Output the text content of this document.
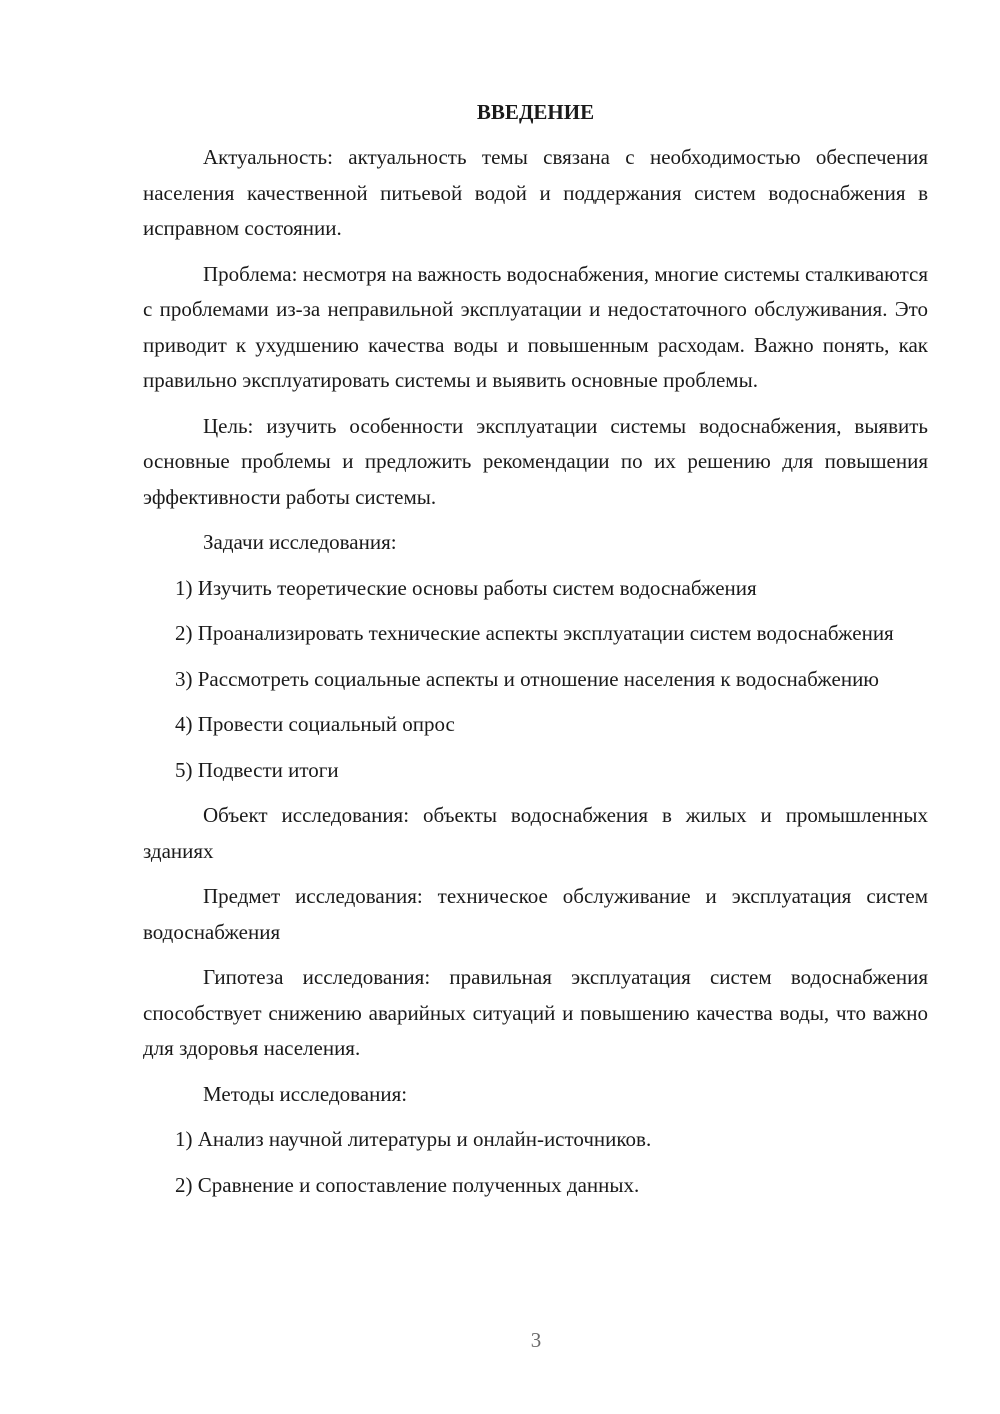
ВВЕДЕНИЕ

Актуальность: актуальность темы связана с необходимостью обеспечения населения качественной питьевой водой и поддержания систем водоснабжения в исправном состоянии.

Проблема: несмотря на важность водоснабжения, многие системы сталкиваются с проблемами из-за неправильной эксплуатации и недостаточного обслуживания. Это приводит к ухудшению качества воды и повышенным расходам. Важно понять, как правильно эксплуатировать системы и выявить основные проблемы.

Цель: изучить особенности эксплуатации системы водоснабжения, выявить основные проблемы и предложить рекомендации по их решению для повышения эффективности работы системы.

Задачи исследования:

1) Изучить теоретические основы работы систем водоснабжения

2) Проанализировать технические аспекты эксплуатации систем водоснабжения

3) Рассмотреть социальные аспекты и отношение населения к водоснабжению

4) Провести социальный опрос

5) Подвести итоги

Объект исследования: объекты водоснабжения в жилых и промышленных зданиях

Предмет исследования: техническое обслуживание и эксплуатация систем водоснабжения

Гипотеза исследования: правильная эксплуатация систем водоснабжения способствует снижению аварийных ситуаций и повышению качества воды, что важно для здоровья населения.

Методы исследования:

1) Анализ научной литературы и онлайн-источников.

2) Сравнение и сопоставление полученных данных.

3
